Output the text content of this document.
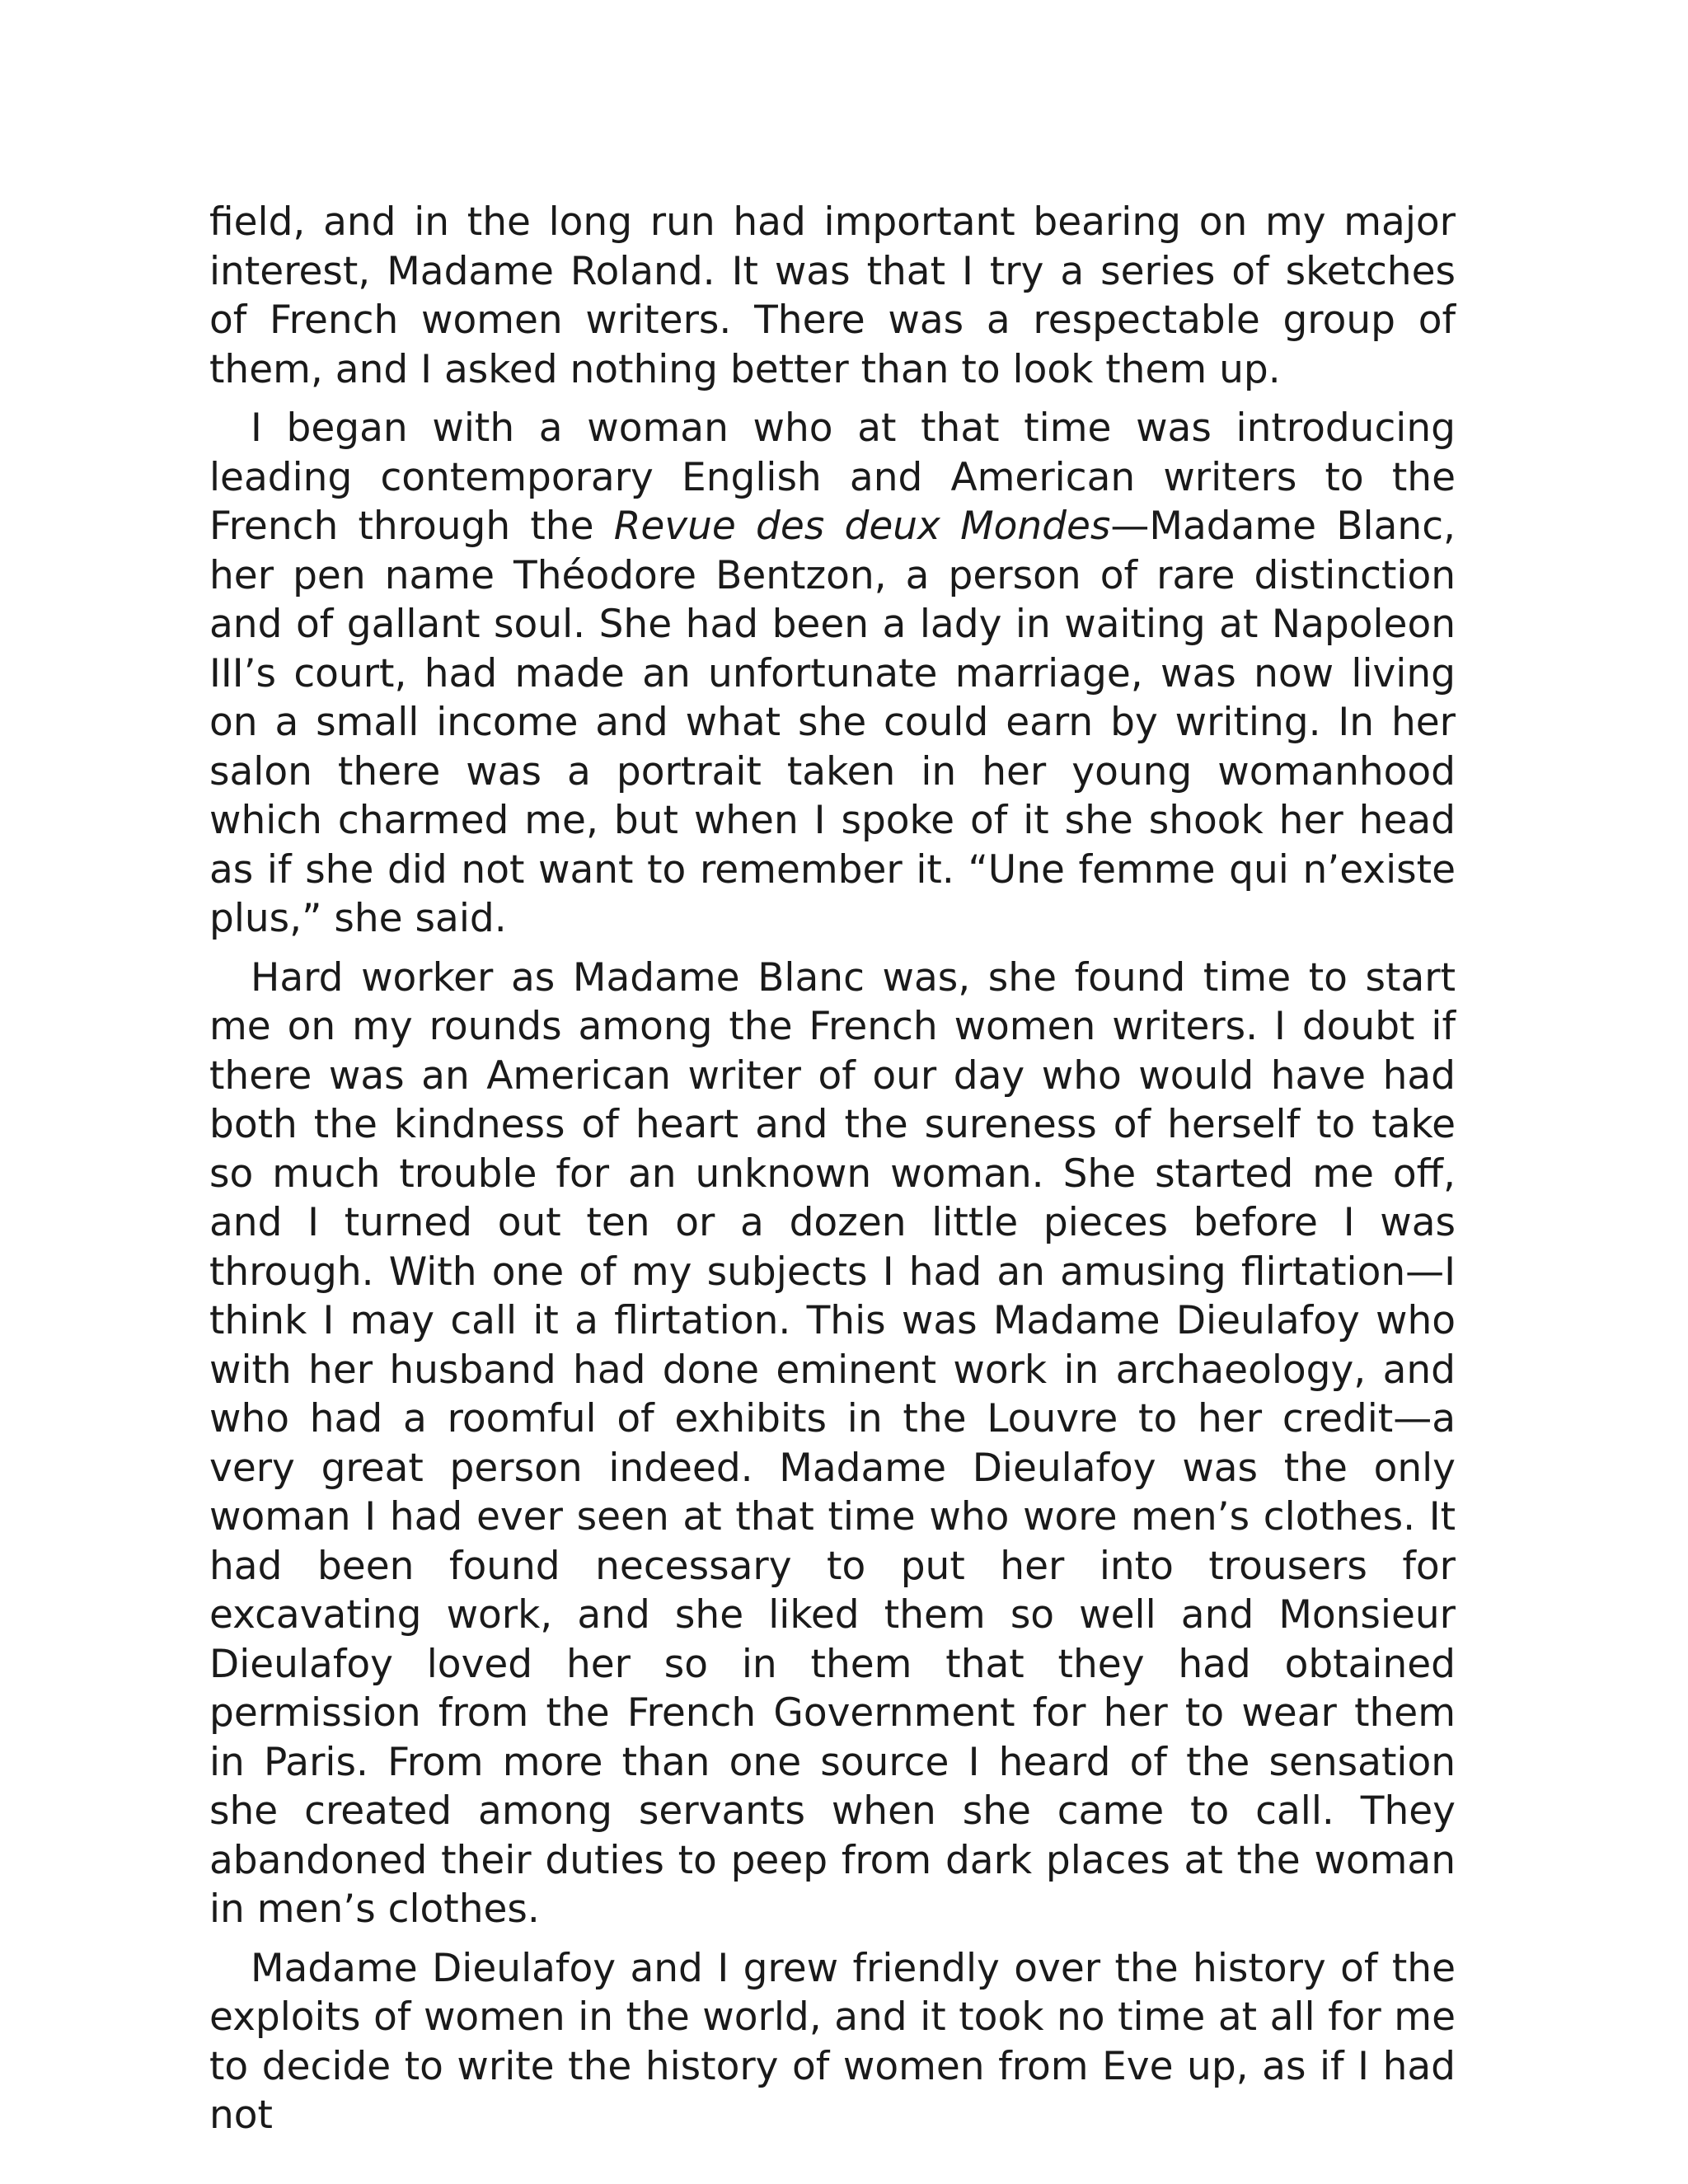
field, and in the long run had important bearing on my major interest, Madame Roland. It was that I try a series of sketches of French women writers. There was a respectable group of them, and I asked nothing better than to look them up.

I began with a woman who at that time was introducing leading contemporary English and American writers to the French through the Revue des deux Mondes—Madame Blanc, her pen name Théodore Bentzon, a person of rare distinction and of gallant soul. She had been a lady in waiting at Napoleon III’s court, had made an unfortunate marriage, was now living on a small income and what she could earn by writing. In her salon there was a portrait taken in her young womanhood which charmed me, but when I spoke of it she shook her head as if she did not want to remember it. “Une femme qui n’existe plus,” she said.

Hard worker as Madame Blanc was, she found time to start me on my rounds among the French women writers. I doubt if there was an American writer of our day who would have had both the kindness of heart and the sureness of herself to take so much trouble for an unknown woman. She started me off, and I turned out ten or a dozen little pieces before I was through. With one of my subjects I had an amusing flirtation—I think I may call it a flirtation. This was Madame Dieulafoy who with her husband had done eminent work in archaeology, and who had a roomful of exhibits in the Louvre to her credit—a very great person indeed. Madame Dieulafoy was the only woman I had ever seen at that time who wore men’s clothes. It had been found necessary to put her into trousers for excavating work, and she liked them so well and Monsieur Dieulafoy loved her so in them that they had obtained permission from the French Government for her to wear them in Paris. From more than one source I heard of the sensation she created among servants when she came to call. They abandoned their duties to peep from dark places at the woman in men’s clothes.

Madame Dieulafoy and I grew friendly over the history of the exploits of women in the world, and it took no time at all for me to decide to write the history of women from Eve up, as if I had not
